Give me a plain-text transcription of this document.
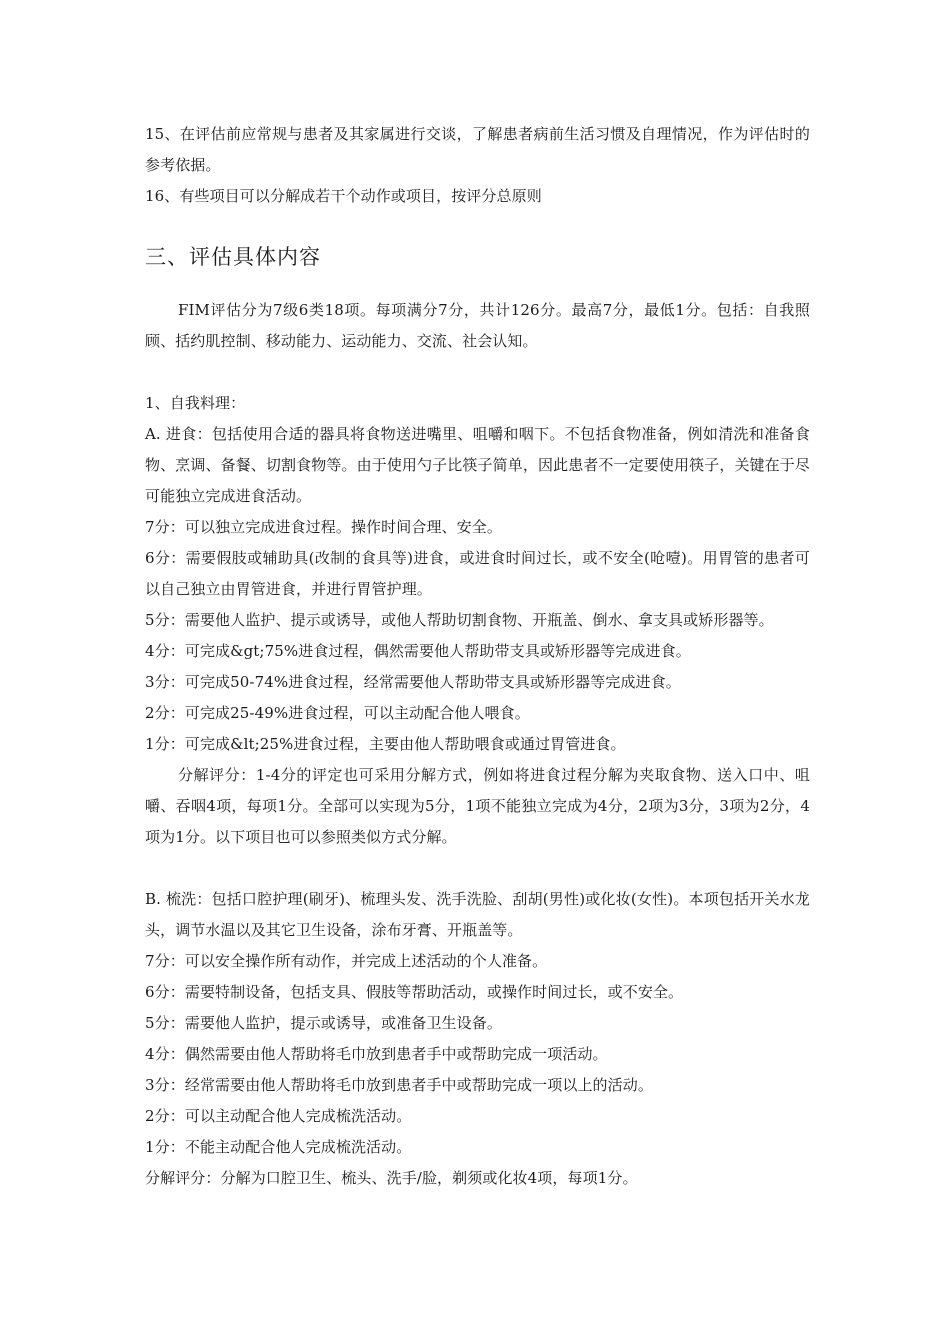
15、在评估前应常规与患者及其家属进行交谈，了解患者病前生活习惯及自理情况，作为评估时的参考依据。

16、有些项目可以分解成若干个动作或项目，按评分总原则

三、评估具体内容

FIM评估分为7级6类18项。每项满分7分，共计126分。最高7分，最低1分。包括：自我照顾、括约肌控制、移动能力、运动能力、交流、社会认知。

1、自我料理：

A. 进食：包括使用合适的器具将食物送进嘴里、咀嚼和咽下。不包括食物准备，例如清洗和准备食物、烹调、备餐、切割食物等。由于使用勺子比筷子简单，因此患者不一定要使用筷子，关键在于尽可能独立完成进食活动。

7分：可以独立完成进食过程。操作时间合理、安全。

6分：需要假肢或辅助具(改制的食具等)进食，或进食时间过长，或不安全(呛噎)。用胃管的患者可以自己独立由胃管进食，并进行胃管护理。

5分：需要他人监护、提示或诱导，或他人帮助切割食物、开瓶盖、倒水、拿支具或矫形器等。

4分：可完成&gt;75%进食过程，偶然需要他人帮助带支具或矫形器等完成进食。

3分：可完成50-74%进食过程，经常需要他人帮助带支具或矫形器等完成进食。

2分：可完成25-49%进食过程，可以主动配合他人喂食。

1分：可完成&lt;25%进食过程，主要由他人帮助喂食或通过胃管进食。

分解评分：1-4分的评定也可采用分解方式，例如将进食过程分解为夹取食物、送入口中、咀嚼、吞咽4项，每项1分。全部可以实现为5分，1项不能独立完成为4分，2项为3分，3项为2分，4项为1分。以下项目也可以参照类似方式分解。

B. 梳洗：包括口腔护理(刷牙)、梳理头发、洗手洗脸、刮胡(男性)或化妆(女性)。本项包括开关水龙头，调节水温以及其它卫生设备，涂布牙膏、开瓶盖等。

7分：可以安全操作所有动作，并完成上述活动的个人准备。

6分：需要特制设备，包括支具、假肢等帮助活动，或操作时间过长，或不安全。

5分：需要他人监护，提示或诱导，或准备卫生设备。

4分：偶然需要由他人帮助将毛巾放到患者手中或帮助完成一项活动。

3分：经常需要由他人帮助将毛巾放到患者手中或帮助完成一项以上的活动。

2分：可以主动配合他人完成梳洗活动。

1分：不能主动配合他人完成梳洗活动。

分解评分：分解为口腔卫生、梳头、洗手/脸，剃须或化妆4项，每项1分。
